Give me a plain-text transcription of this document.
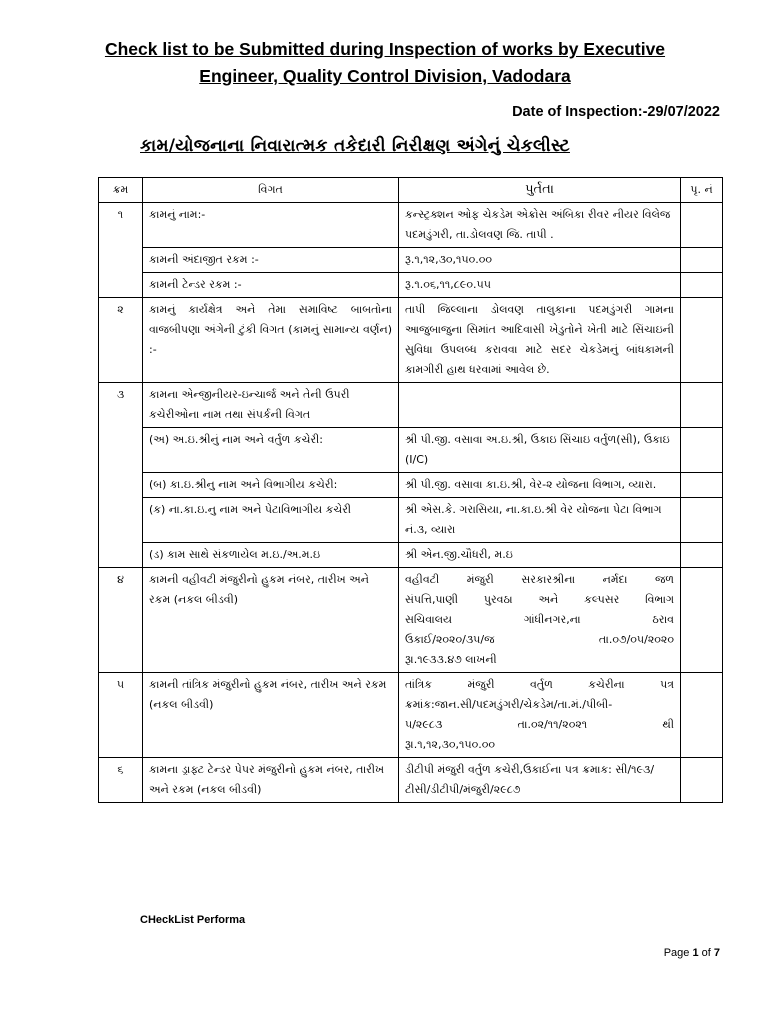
Check list to be Submitted during Inspection of works by Executive
Engineer, Quality Control Division, Vadodara
Date of Inspection:-29/07/2022
કામ/યોજનાના નિવારાત્મક તકેદારી નિરીક્ષણ અંગેનું ચેકલીસ્ટ
ક્રમ	વિગત	પુર્તતા	પૃ. નં
૧	કામનું નામ:-	કન્સ્ટ્રક્શન ઓફ ચેકડેમ એક્રોસ અંબિકા રીવર નીયર વિલેજ પદમડુંગરી, તા.ડોલવણ જિ. તાપી .	
	કામની અંદાજીત રકમ :-	રૂ.૧,૧૨,૩૦,૧૫૦.૦૦	
	કામની ટેન્ડર રકમ :-	રૂ.૧.૦૬,૧૧,૮૯૦.૫૫	
૨	કામનું કાર્યક્ષેત્ર અને તેમા સમાવિષ્ટ બાબતોના વાજબીપણા અંગેની ટુંકી વિગત (કામનું સામાન્ય વર્ણન) :-	તાપી જિલ્લાના ડોલવણ તાલુકાના પદમડુંગરી ગામના આજુબાજુના સિમાંત આદિવાસી ખેડુતોને ખેતી માટે સિંચાઇની સુવિધા ઉપલબ્ધ કરાવવા માટે સદર ચેકડેમનું બાંધકામની કામગીરી હાથ ધરવામાં આવેલ છે.	
૩	કામના એન્જીનીયર-ઇન્ચાર્જ અને તેની ઉપરી કચેરીઓના નામ તથા સંપર્કની વિગત		
	(અ) અ.ઇ.શ્રીનું નામ અને વર્તુળ કચેરી:	શ્રી પી.જી. વસાવા અ.ઇ.શ્રી, ઉકાઇ સિંચાઇ વર્તુળ(સી), ઉકાઇ (I/C)	
	(બ) કા.ઇ.શ્રીનુ નામ અને વિભાગીય કચેરી:	શ્રી પી.જી. વસાવા કા.ઇ.શ્રી, વેર-૨ યોજના વિભાગ, વ્યારા.	
	(ક) ના.કા.ઇ.નુ નામ અને પેટાવિભાગીય કચેરી	શ્રી એસ.કે. ગરાસિયા, ના.કા.ઇ.શ્રી વેર યોજના પેટા વિભાગ નં.૩, વ્યારા	
	(ડ) કામ સાથે સંકળાયેલ મ.ઇ./અ.મ.ઇ	શ્રી એન.જી.ચૌધરી, મ.ઇ	
૪	કામની વહીવટી મંજુરીનો હુકમ નંબર, તારીખ અને રકમ (નકલ બીડવી)	વહીવટી મંજુરી સરકારશ્રીના નર્મદા જળ
સંપત્તિ,પાણી પુરવઠા અને કલ્પસર વિભાગ
સચિવાલય ગાંધીનગર,ના ઠરાવ
ઉકાઈ/૨૦૨૦/૩૫/જ તા.૦૭/૦૫/૨૦૨૦
રૂ।.૧૯૩૩.૪૭ લાખની	

૫	કામની તાંત્રિક મંજુરીનો હુકમ નંબર, તારીખ અને રકમ (નકલ બીડવી)	તાંત્રિક મંજુરી વર્તુળ કચેરીના પત્ર
ક્રમાંક:જાન.સી/પદમડુંગરી/ચેકડેમ/તા.મં./પીબી-
૫/૨૯૮૩ તા.૦૨/૧૧/૨૦૨૧ થી
રૂ।.૧,૧૨,૩૦,૧૫૦.૦૦	

૬	કામના ડ્રાફ્ટ ટેન્ડર પેપર મંજુરીનો હુકમ નંબર, તારીખ અને રકમ (નકલ બીડવી)	ડીટીપી મંજુરી વર્તુળ કચેરી,ઉકાઈના પત્ર ક્રમાક: સી/૧૯૩/ટીસી/ડીટીપી/મંજુરી/૨૯૮૭	
CHeckList Performa
Page 1 of 7
